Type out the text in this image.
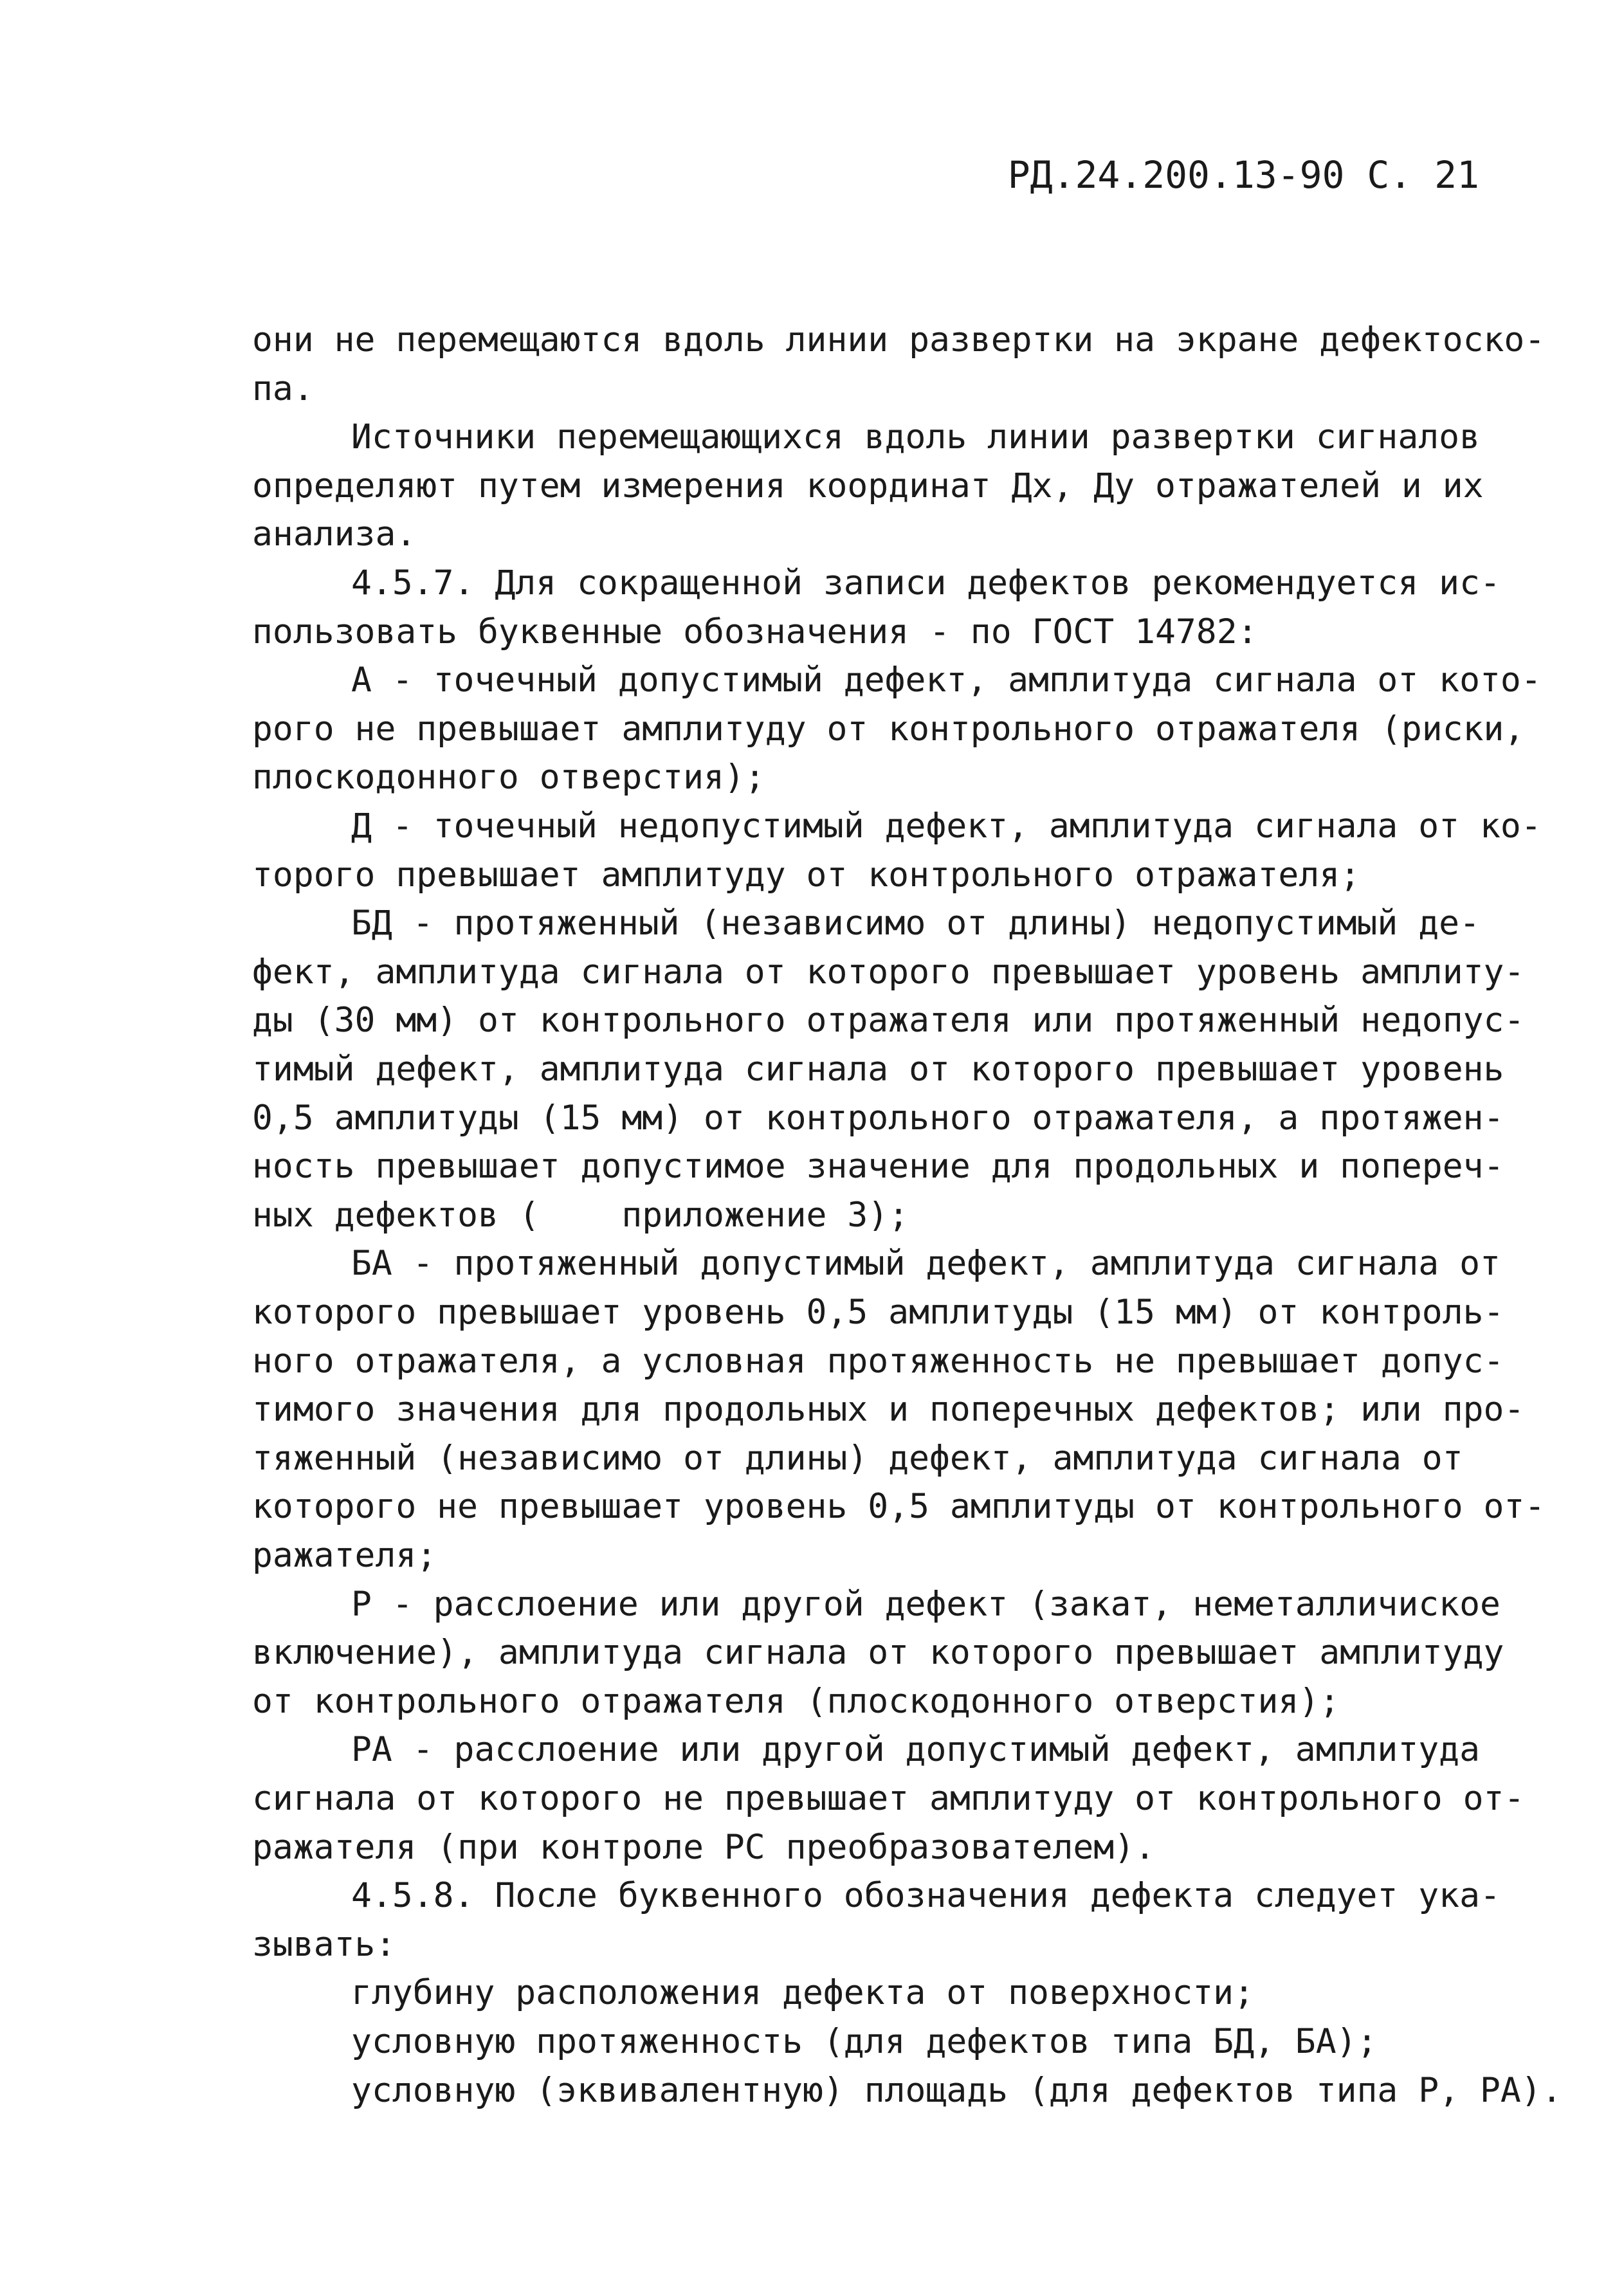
РД.24.200.13-90 С. 21
они не перемещаются вдоль линии развертки на экране дефектоско-
па.
Источники перемещающихся вдоль линии развертки сигналов
определяют путем измерения координат Дх, Ду отражателей и их
анализа.
4.5.7. Для сокращенной записи дефектов рекомендуется ис-
пользовать буквенные обозначения - по ГОСТ 14782:
А - точечный допустимый дефект, амплитуда сигнала от кото-
рого не превышает амплитуду от контрольного отражателя (риски,
плоскодонного отверстия);
Д - точечный недопустимый дефект, амплитуда сигнала от ко-
торого превышает амплитуду от контрольного отражателя;
БД - протяженный (независимо от длины) недопустимый де-
фект, амплитуда сигнала от которого превышает уровень амплиту-
ды (30 мм) от контрольного отражателя или протяженный недопус-
тимый дефект, амплитуда сигнала от которого превышает уровень
0,5 амплитуды (15 мм) от контрольного отражателя, а протяжен-
ность превышает допустимое значение для продольных и попереч-
ных дефектов (    приложение 3);
БА - протяженный допустимый дефект, амплитуда сигнала от
которого превышает уровень 0,5 амплитуды (15 мм) от контроль-
ного отражателя, а условная протяженность не превышает допус-
тимого значения для продольных и поперечных дефектов; или про-
тяженный (независимо от длины) дефект, амплитуда сигнала от
которого не превышает уровень 0,5 амплитуды от контрольного от-
ражателя;
Р - расслоение или другой дефект (закат, неметалличиское
включение), амплитуда сигнала от которого превышает амплитуду
от контрольного отражателя (плоскодонного отверстия);
РА - расслоение или другой допустимый дефект, амплитуда
сигнала от которого не превышает амплитуду от контрольного от-
ражателя (при контроле РС преобразователем).
4.5.8. После буквенного обозначения дефекта следует ука-
зывать:
глубину расположения дефекта от поверхности;
условную протяженность (для дефектов типа БД, БА);
условную (эквивалентную) площадь (для дефектов типа Р, РА).
